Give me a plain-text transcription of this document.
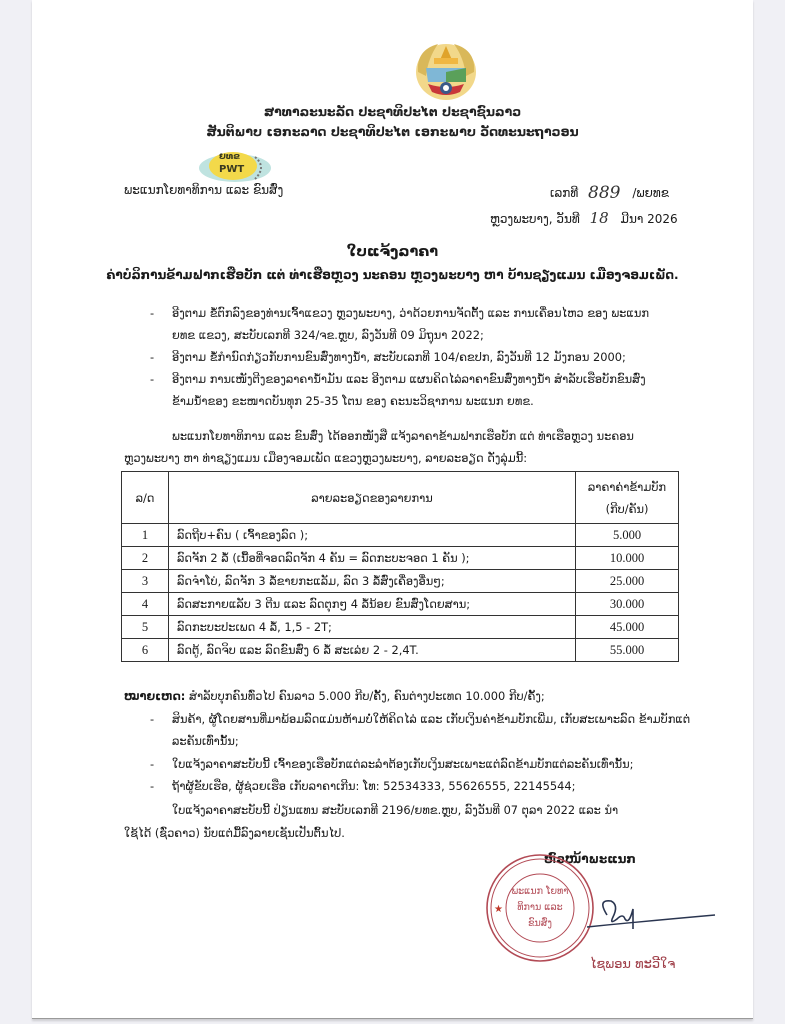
ສາທາລະນະລັດ ປະຊາທິປະໄຕ ປະຊາຊົນລາວ
ສັນຕິພາບ ເອກະລາດ ປະຊາທິປະໄຕ ເອກະພາບ ວັດທະນະຖາວອນ
ຍທຂ
PWT
ພະແນກໂຍທາທິການ ແລະ ຂົນສົ່ງ	ເລກທີ 889 /ພຍທຂ
ຫຼວງພະບາງ, ວັນທີ 18 ມີນາ 2026
ໃບແຈ້ງລາຄາ
ຄ່າບໍລິການຂ້າມຟາກເຮືອບັກ ແຕ່ ທ່າເຮືອຫຼວງ ນະຄອນ ຫຼວງພະບາງ ຫາ ບ້ານຊຽງແມນ ເມືອງຈອມເພັດ.
- ອີງຕາມ ຂໍ້ຕົກລົງຂອງທ່ານເຈົ້າແຂວງ ຫຼວງພະບາງ, ວ່າດ້ວຍການຈັດຕັ້ງ ແລະ ການເຄື່ອນໄຫວ ຂອງ ພະແນກ
ຍທຂ ແຂວງ, ສະບັບເລກທີ 324/ຈຂ.ຫຼບ, ລົງວັນທີ 09 ມິຖຸນາ 2022;
- ອີງຕາມ ຂໍ້ກຳນົດກ່ຽວກັບການຂົນສົ່ງທາງນ້ຳ, ສະບັບເລກທີ 104/ຄຂປກ, ລົງວັນທີ 12 ມັງກອນ 2000;
- ອີງຕາມ ການເໜັງຕີງຂອງລາຄານ້ຳມັນ ແລະ ອີງຕາມ ແຜນຄິດໄລ່ລາຄາຂົນສົ່ງທາງນ້ຳ ສຳລັບເຮືອບັກຂົນສົ່ງ
ຂ້າມນ້ຳຂອງ ຂະໜາດບັນທຸກ 25-35 ໂຕນ ຂອງ ຄະນະວິຊາການ ພະແນກ ຍທຂ.
ພະແນກໂຍທາທິການ ແລະ ຂົນສົ່ງ ໄດ້ອອກໜັງສື ແຈ້ງລາຄາຂ້າມຟາກເຮືອບັກ ແຕ່ ທ່າເຮືອຫຼວງ ນະຄອນ
ຫຼວງພະບາງ ຫາ ທ່າຊຽງແມນ ເມືອງຈອມເພັດ ແຂວງຫຼວງພະບາງ, ລາຍລະອຽດ ດັ່ງລຸ່ມນີ້:
ລ/ດ	ລາຍລະອຽດຂອງລາຍການ	ລາຄາຄ່າຂ້າມບັກ
(ກີບ/ຄັນ)

1	ລົດຖີບ+ຄົນ ( ເຈົ້າຂອງລົດ );	5.000
2	ລົດຈັກ 2 ລໍ້ (ເນື້ອທີ່ຈອດລົດຈັກ 4 ຄັນ = ລົດກະບະຈອດ 1 ຄັນ );	10.000
3	ລົດຈຳໂບ່, ລົດຈັກ 3 ລໍ້ຂາຍກະແລັມ, ລົດ 3 ລໍ້ສົ່ງເຄື່ອງອື່ນໆ;	25.000
4	ລົດສະກາຍແລັບ 3 ຕີນ ແລະ ລົດຕຸກໆ 4 ລໍ້ນ້ອຍ ຂົນສົ່ງໂດຍສານ;	30.000
5	ລົດກະບະປະເພດ 4 ລໍ້, 1,5 - 2T;	45.000
6	ລົດຕູ້, ລົດຈິບ ແລະ ລົດຂົນສົ່ງ 6 ລໍ້ ສະເລ່ຍ 2 - 2,4T.	55.000
ໝາຍເຫດ: ສຳລັບບຸກຄົນທົ່ວໄປ ຄົນລາວ 5.000 ກີບ/ຄັ້ງ, ຄົນຕ່າງປະເທດ 10.000 ກີບ/ຄັ້ງ;
- ສິນຄ້າ, ຜູ້ໂດຍສານທີ່ມາພ້ອມລົດແມ່ນຫ້າມບໍ່ໃຫ້ຄິດໄລ່ ແລະ ເກັບເງິນຄ່າຂ້າມບັກເພີ່ມ, ເກັບສະເພາະລົດ ຂ້າມບັກແຕ່
ລະຄັນເທົ່ານັ້ນ;
- ໃບແຈ້ງລາຄາສະບັບນີ້ ເຈົ້າຂອງເຮືອບັກແຕ່ລະລຳຕ້ອງເກັບເງິນສະເພາະແຕ່ລົດຂ້າມບັກແຕ່ລະຄັນເທົ່ານັ້ນ;
- ຖ້າຜູ້ຂັບເຮືອ, ຜູ້ຊ່ວຍເຮືອ ເກັບລາຄາເກີນ: ໂທ: 52534333, 55626555, 22145544;
ໃບແຈ້ງລາຄາສະບັບນີ້ ປ່ຽນແທນ ສະບັບເລກທີ 2196/ຍທຂ.ຫຼບ, ລົງວັນທີ 07 ຕຸລາ 2022 ແລະ ນຳ
ໃຊ້ໄດ້ (ຊົ່ວຄາວ) ນັບແຕ່ມື້ລົງລາຍເຊັນເປັນຕົ້ນໄປ.
ຫົວໜ້າພະແນກ
★
ພະແນກ ໂຍທາທິການ ແລະ ຂົນສົ່ງ
ໄຊພອນ ທະວີໃຈ
